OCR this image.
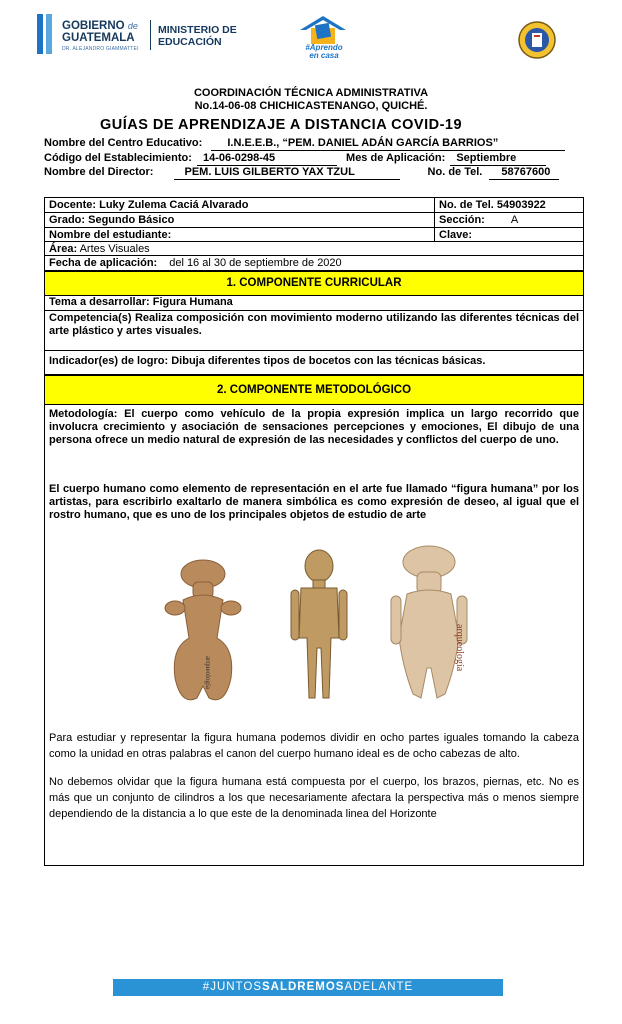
GOBIERNO de
GUATEMALA
DR. ALEJANDRO GIAMMATTEI
MINISTERIO DE
EDUCACIÓN	#Aprendo
en casa
COORDINACIÓN TÉCNICA ADMINISTRATIVA
No.14-06-08 CHICHICASTENANGO, QUICHÉ.
GUÍAS DE APRENDIZAJE A DISTANCIA COVID-19
Nombre del Centro Educativo: I.N.E.E.B., “PEM. DANIEL ADÁN GARCÍA BARRIOS”
Código del Establecimiento: 14-06-0298-45	Mes de Aplicación: Septiembre
Nombre del Director:	PEM. LUIS GILBERTO YAX TZUL	No. de Tel. 58767600
Docente: Luky Zulema Caciá Alvarado	No. de Tel. 54903922
Grado: Segundo Básico	Sección: A
Nombre del estudiante:	Clave:
Área: Artes Visuales
Fecha de aplicación: del 16 al 30 de septiembre de 2020
1. COMPONENTE CURRICULAR
Tema a desarrollar: Figura Humana
Competencia(s) Realiza composición con movimiento moderno utilizando las diferentes técnicas del arte plástico y artes visuales.
Indicador(es) de logro: Dibuja diferentes tipos de bocetos con las técnicas básicas.
2. COMPONENTE METODOLÓGICO
Metodología: El cuerpo como vehículo de la propia expresión implica un largo recorrido que involucra crecimiento y asociación de sensaciones percepciones y emociones, El dibujo de una persona ofrece un medio natural de expresión de las necesidades y conflictos del cuerpo de uno.
El cuerpo humano como elemento de representación en el arte fue llamado “figura humana” por los artistas, para escribirlo exaltarlo de manera simbólica es como expresión de deseo, al igual que el rostro humano, que es uno de los principales objetos de estudio de arte
arqueología
arqueología
Para estudiar y representar la figura humana podemos dividir en ocho partes iguales tomando la cabeza como la unidad en otras palabras el canon del cuerpo humano ideal es de ocho cabezas de alto.
No debemos olvidar que la figura humana está compuesta por el cuerpo, los brazos, piernas, etc. No es más que un conjunto de cilindros a los que necesariamente afectara la perspectiva más o menos siempre dependiendo de la distancia a lo que este de la denominada linea del Horizonte
#JUNTOSSALDREMOSADELANTE
